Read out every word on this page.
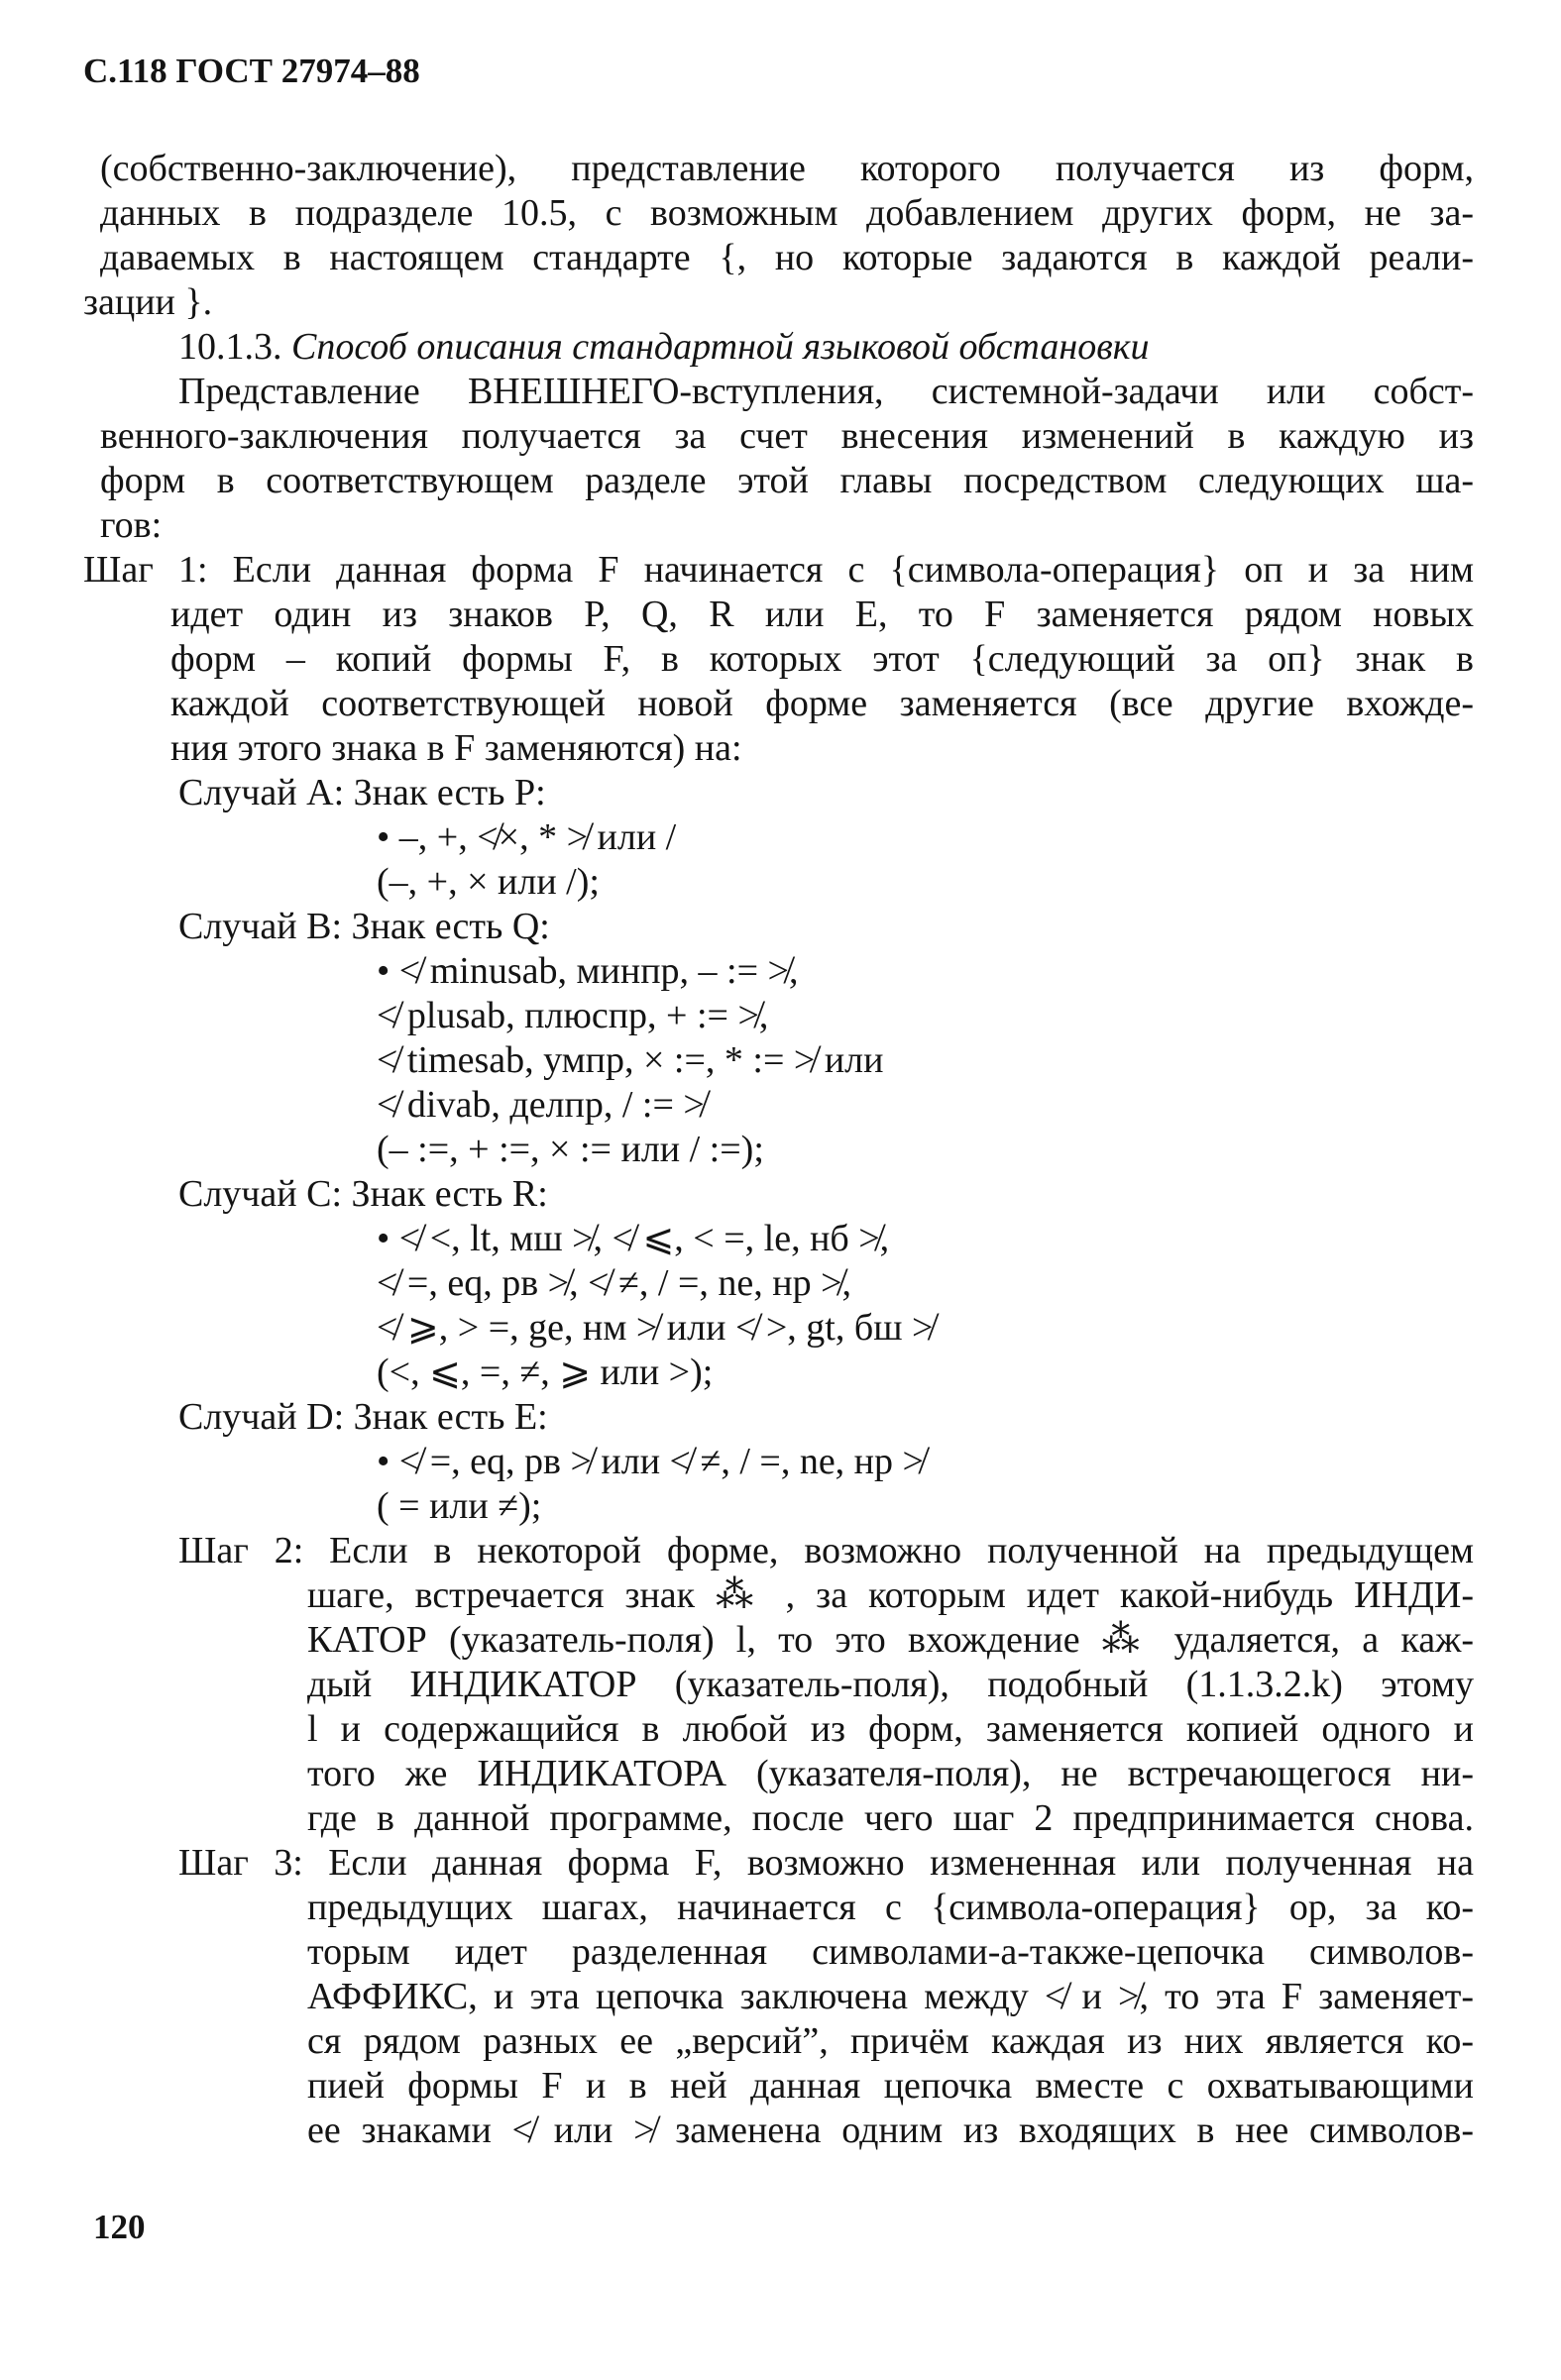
С.118 ГОСТ 27974–88
(собственно-заключение), представление которого получается из форм,
данных в подразделе 10.5, с возможным добавлением других форм, не за-
даваемых в настоящем стандарте {, но которые задаются в каждой реали-
зации }.
10.1.3. Способ описания стандартной языковой обстановки
Представление ВНЕШНЕГО-вступления, системной-задачи или собст-
венного-заключения получается за счет внесения изменений в каждую из
форм в соответствующем разделе этой главы посредством следующих ша-
гов:
Шаг 1: Если данная форма F начинается с {символа-операция} оп и за ним
идет один из знаков P, Q, R или E, то F заменяется рядом новых
форм – копий формы F, в которых этот {следующий за оп} знак в
каждой соответствующей новой форме заменяется (все другие вхожде-
ния этого знака в F заменяются) на:
Случай A: Знак есть P:
• –, +, ≮×, * ≯ или /
(–, +, × или /);
Случай B: Знак есть Q:
• ≮ minusab, минпр, – := ≯,
≮ plusab, плюспр, + := ≯,
≮ timesab, умпр, × :=, * := ≯ или
≮ divab, делпр, / := ≯
(– :=, + :=, × := или / :=);
Случай C: Знак есть R:
• ≮ <, lt, мш ≯, ≮ ⩽, < =, le, нб ≯,
≮ =, eq, рв ≯, ≮ ≠, / =, ne, нр ≯,
≮ ⩾, > =, ge, нм ≯ или ≮ >, gt, бш ≯
(<, ⩽, =, ≠, ⩾ или >);
Случай D: Знак есть E:
• ≮ =, eq, рв ≯ или ≮ ≠, / =, ne, нр ≯
( = или ≠);
Шаг 2: Если в некоторой форме, возможно полученной на предыдущем
шаге, встречается знак ⁂ , за которым идет какой-нибудь ИНДИ-
КАТОР (указатель-поля) l, то это вхождение ⁂ удаляется, а каж-
дый ИНДИКАТОР (указатель-поля), подобный (1.1.3.2.k) этому
l и содержащийся в любой из форм, заменяется копией одного и
того же ИНДИКАТОРА (указателя-поля), не встречающегося ни-
где в данной программе, после чего шаг 2 предпринимается снова.
Шаг 3: Если данная форма F, возможно измененная или полученная на
предыдущих шагах, начинается с {символа-операция} ор, за ко-
торым идет разделенная символами-а-также-цепочка символов-
АФФИКС, и эта цепочка заключена между ≮ и ≯, то эта F заменяет-
ся рядом разных ее „версий”, причём каждая из них является ко-
пией формы F и в ней данная цепочка вместе с охватывающими
ее знаками ≮ или ≯ заменена одним из входящих в нее символов-
120
